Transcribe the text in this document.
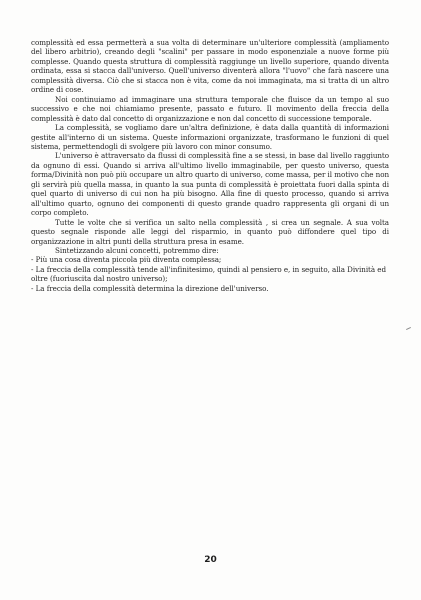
complessità ed essa permetterà a sua volta di determinare un'ulteriore complessità (ampliamento del libero arbitrio), creando degli "scalini" per passare in modo esponenziale a nuove forme più complesse. Quando questa struttura di complessità raggiunge un livello superiore, quando diventa ordinata, essa si stacca dall'universo. Quell'universo diventerà allora "l'uovo" che farà nascere una complessità diversa. Ciò che si stacca non è vita, come da noi immaginata, ma si tratta di un altro ordine di cose.

Noi continuiamo ad immaginare una struttura temporale che fluisce da un tempo al suo successivo e che noi chiamiamo presente, passato e futuro. Il movimento della freccia della complessità è dato dal concetto di organizzazione e non dal concetto di successione temporale.

La complessità, se vogliamo dare un'altra definizione, è data dalla quantità di informazioni gestite all'interno di un sistema. Queste informazioni organizzate, trasformano le funzioni di quel sistema, permettendogli di svolgere più lavoro con minor consumo.

L'universo è attraversato da flussi di complessità fine a se stessi, in base dal livello raggiunto da ognuno di essi. Quando si arriva all'ultimo livello immaginabile, per questo universo, questa forma/Divinità non può più occupare un altro quarto di universo, come massa, per il motivo che non gli servirà più quella massa, in quanto la sua punta di complessità è proiettata fuori dalla spinta di quel quarto di universo di cui non ha più bisogno. Alla fine di questo processo, quando si arriva all'ultimo quarto, ognuno dei componenti di questo grande quadro rappresenta gli organi di un corpo completo.

Tutte le volte che si verifica un salto nella complessità , si crea un segnale. A sua volta questo segnale risponde alle leggi del risparmio, in quanto può diffondere quel tipo di organizzazione in altri punti della struttura presa in esame.

Sintetizzando alcuni concetti, potremmo dire:

- Più una cosa diventa piccola più diventa complessa;

- La freccia della complessità tende all'infinitesimo, quindi al pensiero e, in seguito, alla Divinità ed oltre (fuoriuscita dal nostro universo);

- La freccia della complessità determina la direzione dell'universo.

20
